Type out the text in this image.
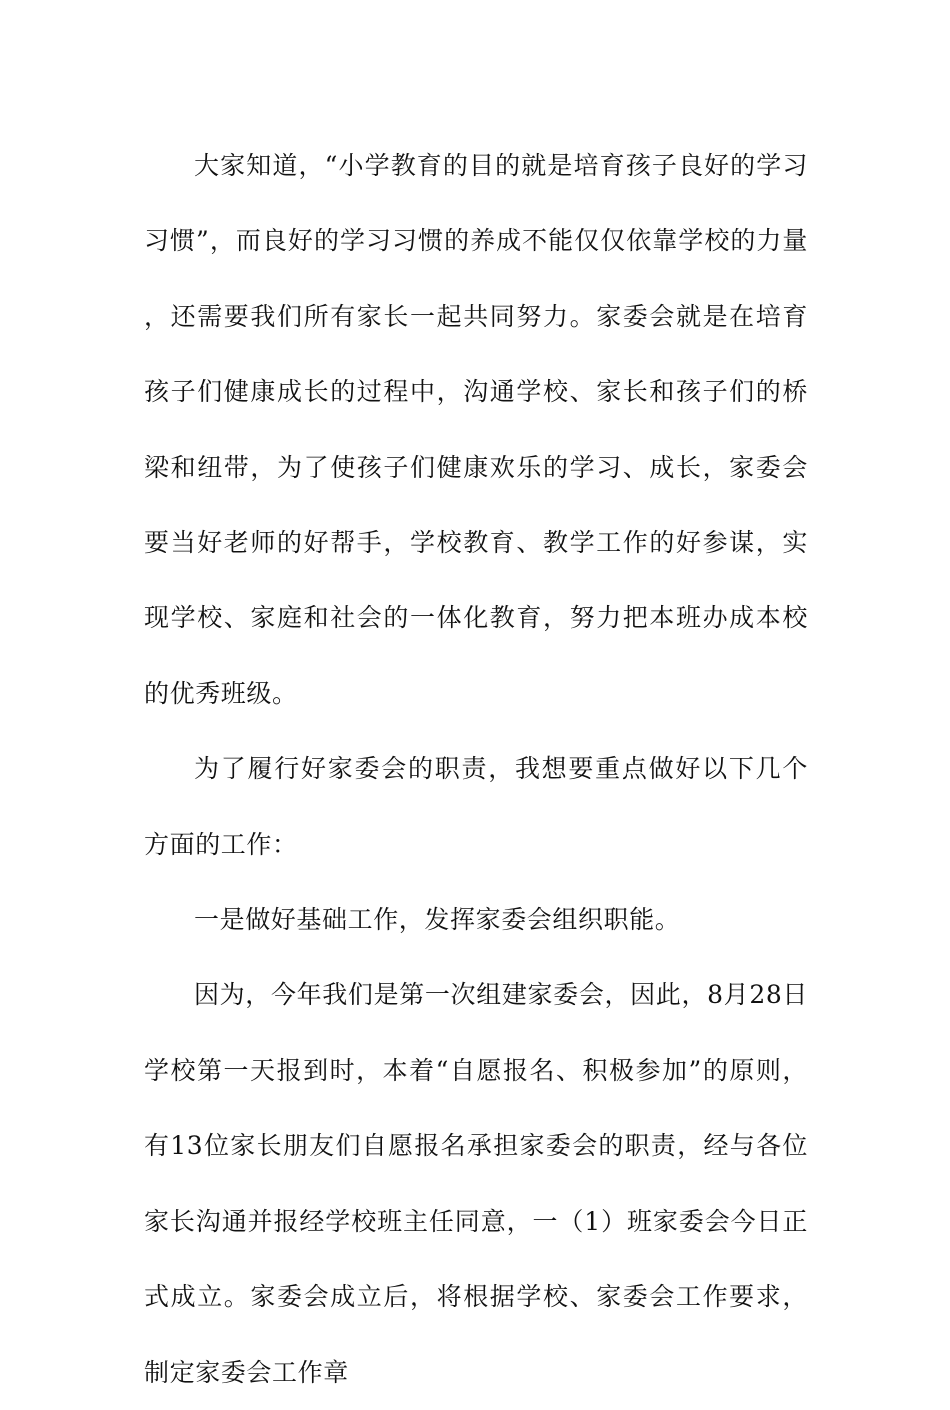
大家知道，“小学教育的目的就是培育孩子良好的学习习惯”，而良好的学习习惯的养成不能仅仅依靠学校的力量，还需要我们所有家长一起共同努力。家委会就是在培育孩子们健康成长的过程中，沟通学校、家长和孩子们的桥梁和纽带，为了使孩子们健康欢乐的学习、成长，家委会要当好老师的好帮手，学校教育、教学工作的好参谋，实现学校、家庭和社会的一体化教育，努力把本班办成本校的优秀班级。

为了履行好家委会的职责，我想要重点做好以下几个方面的工作：

一是做好基础工作，发挥家委会组织职能。

因为，今年我们是第一次组建家委会，因此，8月28日学校第一天报到时，本着“自愿报名、积极参加”的原则，有13位家长朋友们自愿报名承担家委会的职责，经与各位家长沟通并报经学校班主任同意，一（1）班家委会今日正式成立。家委会成立后，将根据学校、家委会工作要求，制定家委会工作章
